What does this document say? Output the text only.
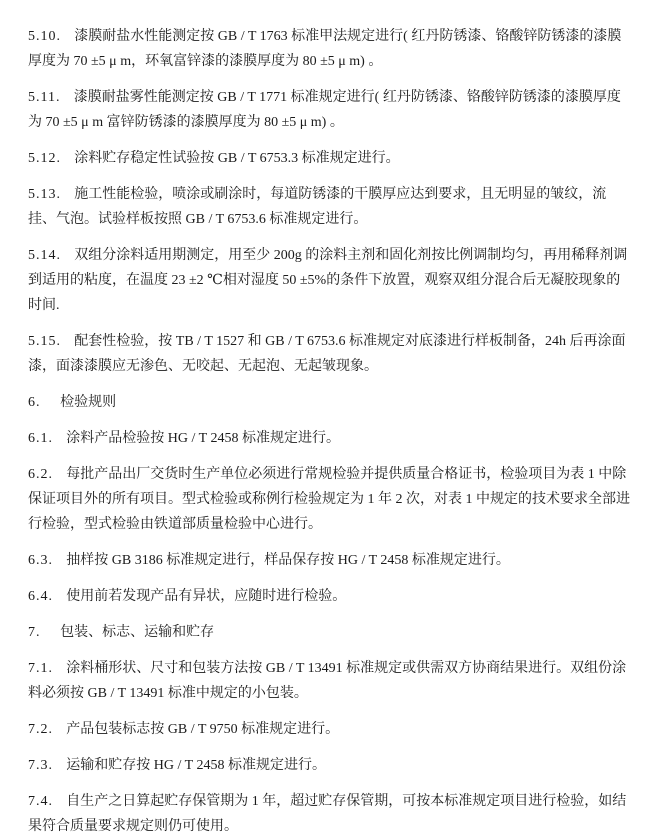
5.10. 漆膜耐盐水性能测定按 GB / T 1763 标准甲法规定进行( 红丹防锈漆、铬酸锌防锈漆的漆膜厚度为 70 ±5 μ m，环氧富锌漆的漆膜厚度为 80 ±5 μ m) 。

5.11. 漆膜耐盐雾性能测定按 GB / T 1771 标准规定进行( 红丹防锈漆、铬酸锌防锈漆的漆膜厚度为 70 ±5 μ m 富锌防锈漆的漆膜厚度为 80 ±5 μ m) 。

5.12. 涂料贮存稳定性试验按 GB / T 6753.3 标准规定进行。

5.13. 施工性能检验，喷涂或刷涂时，每道防锈漆的干膜厚应达到要求，且无明显的皱纹，流挂、气泡。试验样板按照 GB / T 6753.6 标准规定进行。

5.14. 双组分涂料适用期测定，用至少 200g 的涂料主剂和固化剂按比例调制均匀，再用稀释剂调到适用的粘度，在温度 23 ±2 ℃相对湿度 50 ±5%的条件下放置，观察双组分混合后无凝胶现象的时间.

5.15. 配套性检验，按 TB / T 1527 和 GB / T 6753.6 标准规定对底漆进行样板制备，24h 后再涂面漆，面漆漆膜应无渗色、无咬起、无起泡、无起皱现象。

6. 检验规则

6.1. 涂料产品检验按 HG / T 2458 标准规定进行。

6.2. 每批产品出厂交货时生产单位必须进行常规检验并提供质量合格证书，检验项目为表 1 中除保证项目外的所有项目。型式检验或称例行检验规定为 1 年 2 次，对表 1 中规定的技术要求全部进行检验，型式检验由铁道部质量检验中心进行。

6.3. 抽样按 GB 3186 标准规定进行，样品保存按 HG / T 2458 标准规定进行。

6.4. 使用前若发现产品有异状，应随时进行检验。

7. 包装、标志、运输和贮存

7.1. 涂料桶形状、尺寸和包装方法按 GB / T 13491 标准规定或供需双方协商结果进行。双组份涂料必须按 GB / T 13491 标准中规定的小包装。

7.2. 产品包装标志按 GB / T 9750 标准规定进行。

7.3. 运输和贮存按 HG / T 2458 标准规定进行。

7.4. 自生产之日算起贮存保管期为 1 年，超过贮存保管期，可按本标准规定项目进行检验，如结果符合质量要求规定则仍可使用。
